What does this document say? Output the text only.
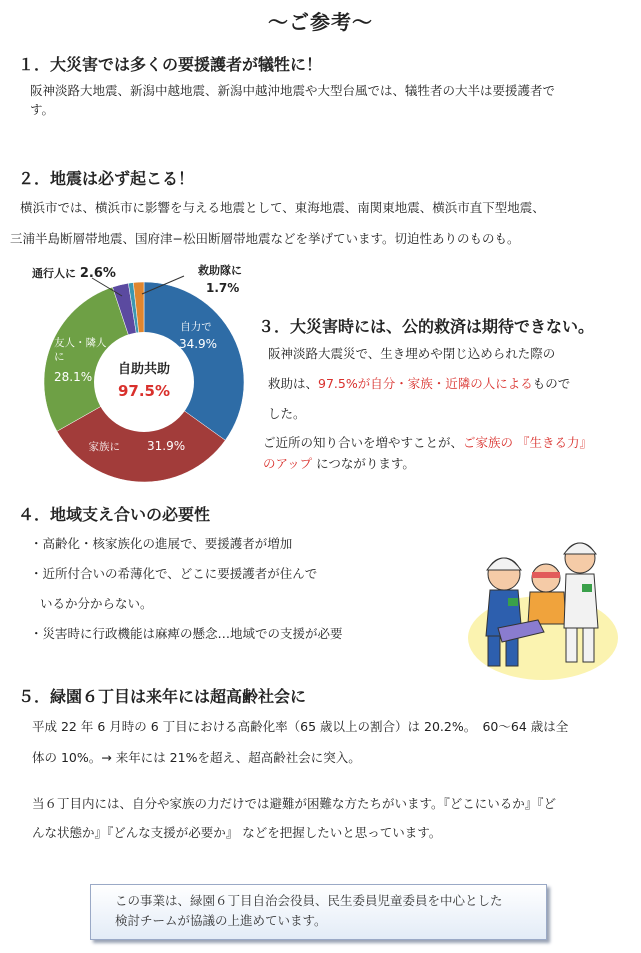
～ご参考～
１．大災害では多くの要援護者が犠牲に！
阪神淡路大地震、新潟中越地震、新潟中越沖地震や大型台風では、犠牲者の大半は要援護者で
す。
２．地震は必ず起こる！
横浜市では、横浜市に影響を与える地震として、東海地震、南関東地震、横浜市直下型地震、
三浦半島断層帯地震、国府津−松田断層帯地震などを挙げています。切迫性ありのものも。
自助共助
97.5%
自力で
34.9%
家族に 31.9%
友人・隣人に
28.1%
通行人に 2.6%	救助隊に
1.7%
３．大災害時には、公的救済は期待できない。
阪神淡路大震災で、生き埋めや閉じ込められた際の
救助は、97.5%が自分・家族・近隣の人によるもので
した。
ご近所の知り合いを増やすことが、ご家族の 『生きる力』
のアップ につながります。
４．地域支え合いの必要性
・高齢化・核家族化の進展で、要援護者が増加
・近所付合いの希薄化で、どこに要援護者が住んで
いるか分からない。
・災害時に行政機能は麻痺の懸念…地域での支援が必要
５．緑園６丁目は来年には超高齢社会に
平成 22 年 6 月時の 6 丁目における高齢化率（65 歳以上の割合）は 20.2%。　60〜64 歳は全
体の 10%。→ 来年には 21%を超え、超高齢社会に突入。
当６丁目内には、自分や家族の力だけでは避難が困難な方たちがいます。『どこにいるか』『ど
んな状態か』『どんな支援が必要か』 などを把握したいと思っています。
この事業は、緑園６丁目自治会役員、民生委員児童委員を中心とした
検討チームが協議の上進めています。
